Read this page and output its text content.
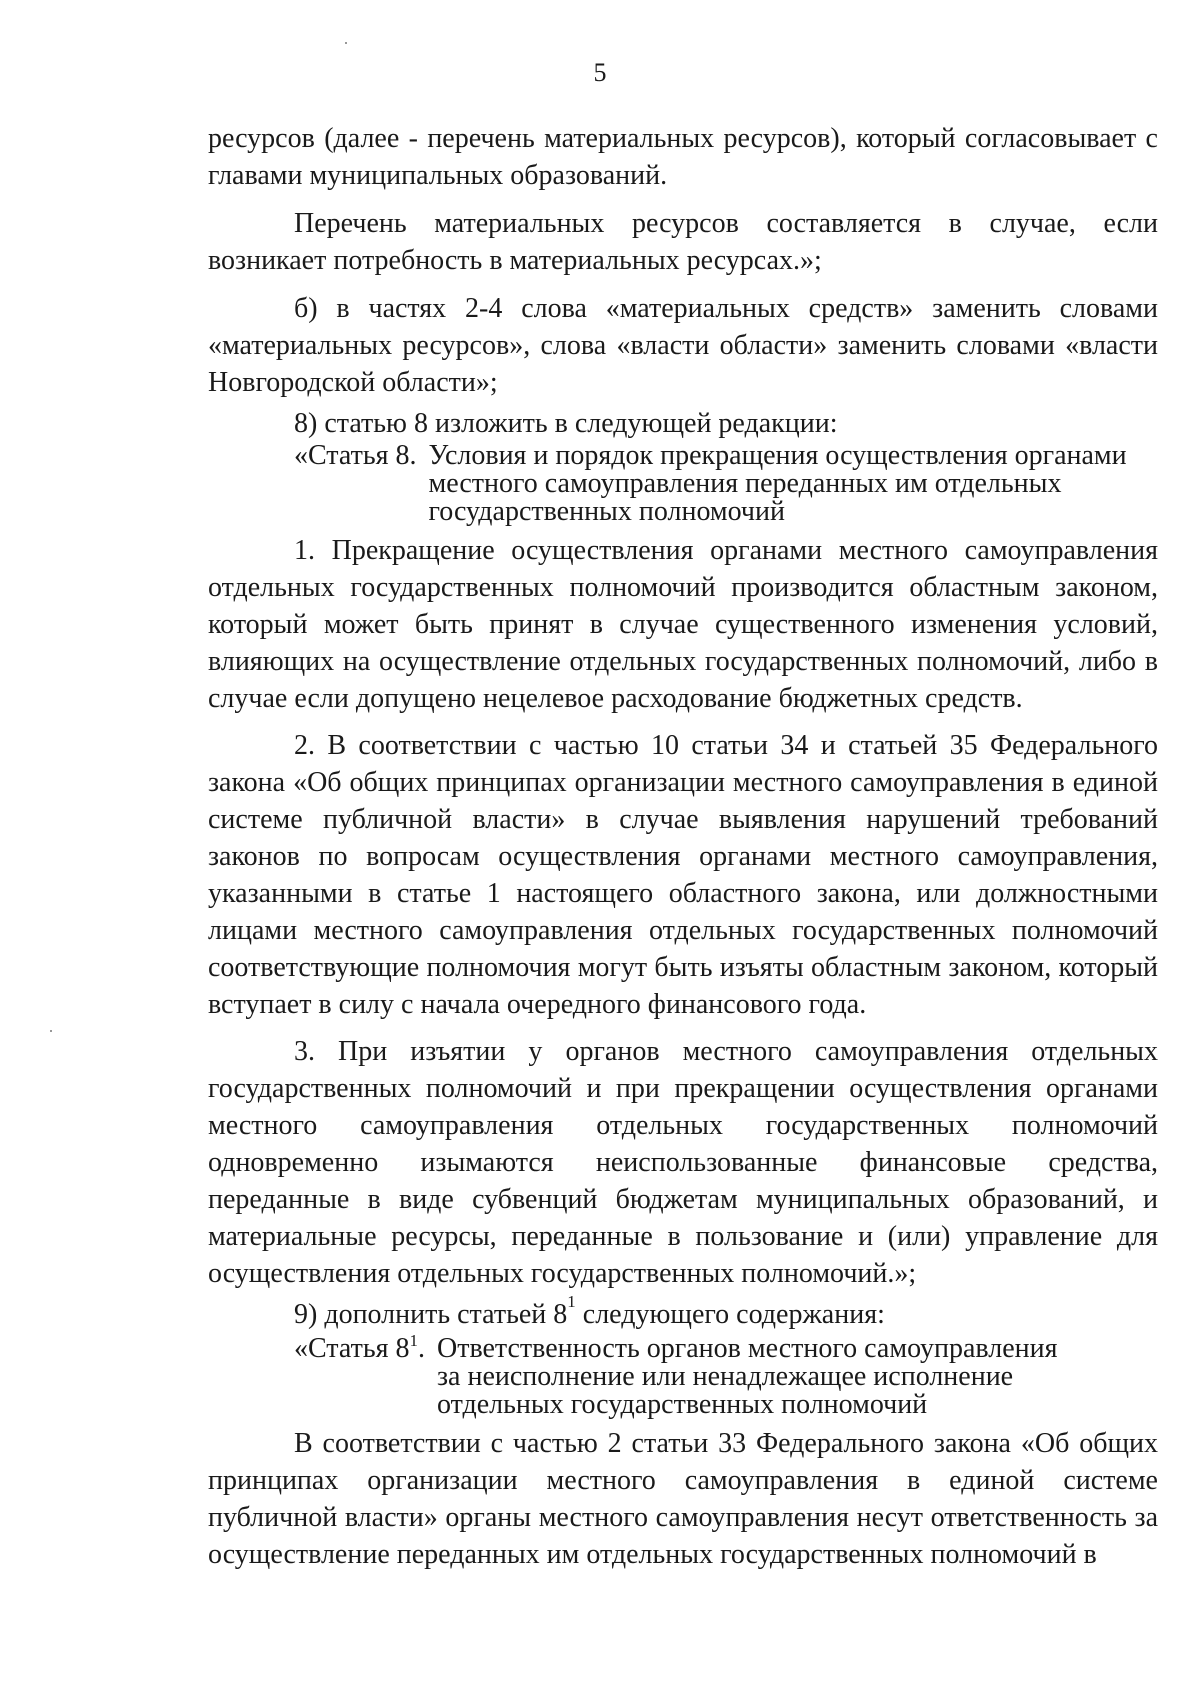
5

ресурсов (далее - перечень материальных ресурсов), который согласовывает с главами муниципальных образований.

Перечень материальных ресурсов составляется в случае, если возникает потребность в материальных ресурсах.»;

б) в частях 2-4 слова «материальных средств» заменить словами «материальных ресурсов», слова «власти области» заменить словами «власти Новгородской области»;

8) статью 8 изложить в следующей редакции:

«Статья 8. Условия и порядок прекращения осуществления органами
местного самоуправления переданных им отдельных
государственных полномочий

1. Прекращение осуществления органами местного самоуправления отдельных государственных полномочий производится областным законом, который может быть принят в случае существенного изменения условий, влияющих на осуществление отдельных государственных полномочий, либо в случае если допущено нецелевое расходование бюджетных средств.

2. В соответствии с частью 10 статьи 34 и статьей 35 Федерального закона «Об общих принципах организации местного самоуправления в единой системе публичной власти» в случае выявления нарушений требований законов по вопросам осуществления органами местного самоуправления, указанными в статье 1 настоящего областного закона, или должностными лицами местного самоуправления отдельных государственных полномочий соответствующие полномочия могут быть изъяты областным законом, который вступает в силу с начала очередного финансового года.

3. При изъятии у органов местного самоуправления отдельных государственных полномочий и при прекращении осуществления органами местного самоуправления отдельных государственных полномочий одновременно изымаются неиспользованные финансовые средства, переданные в виде субвенций бюджетам муниципальных образований, и материальные ресурсы, переданные в пользование и (или) управление для осуществления отдельных государственных полномочий.»;

9) дополнить статьей $8^1$ следующего содержания:

«Статья $8^1$. Ответственность органов местного самоуправления
за неисполнение или ненадлежащее исполнение
отдельных государственных полномочий

В соответствии с частью 2 статьи 33 Федерального закона «Об общих принципах организации местного самоуправления в единой системе публичной власти» органы местного самоуправления несут ответственность за осуществление переданных им отдельных государственных полномочий в
